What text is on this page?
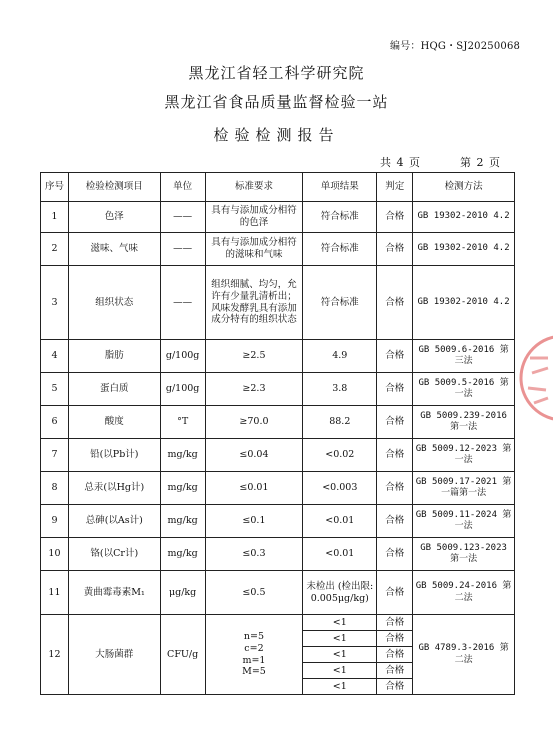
编号：HQG・SJ20250068
黑龙江省轻工科学研究院
黑龙江省食品质量监督检验一站
检验检测报告
共 4 页	第 2 页
序号	检验检测项目	单位	标准要求	单项结果	判定	检测方法
1	色泽	——	具有与添加成分相符的色泽	符合标准	合格	GB 19302-2010 4.2
2	滋味、气味	——	具有与添加成分相符的滋味和气味	符合标准	合格	GB 19302-2010 4.2
3	组织状态	——	组织细腻、均匀，允许有少量乳清析出；风味发酵乳具有添加成分特有的组织状态	符合标准	合格	GB 19302-2010 4.2
4	脂肪	g/100g	≥2.5	4.9	合格	GB 5009.6-2016 第三法
5	蛋白质	g/100g	≥2.3	3.8	合格	GB 5009.5-2016 第一法
6	酸度	°T	≥70.0	88.2	合格	GB 5009.239-2016 第一法
7	铅(以Pb计)	mg/kg	≤0.04	<0.02	合格	GB 5009.12-2023 第一法
8	总汞(以Hg计)	mg/kg	≤0.01	<0.003	合格	GB 5009.17-2021 第一篇第一法
9	总砷(以As计)	mg/kg	≤0.1	<0.01	合格	GB 5009.11-2024 第一法
10	铬(以Cr计)	mg/kg	≤0.3	<0.01	合格	GB 5009.123-2023 第一法
11	黄曲霉毒素M₁	μg/kg	≤0.5	未检出 (检出限: 0.005μg/kg)	合格	GB 5009.24-2016 第二法
12	大肠菌群	CFU/g	n=5
c=2
m=1
M=5	<1	合格	GB 4789.3-2016 第二法
				<1	合格	
				<1	合格	
				<1	合格	
				<1	合格	
